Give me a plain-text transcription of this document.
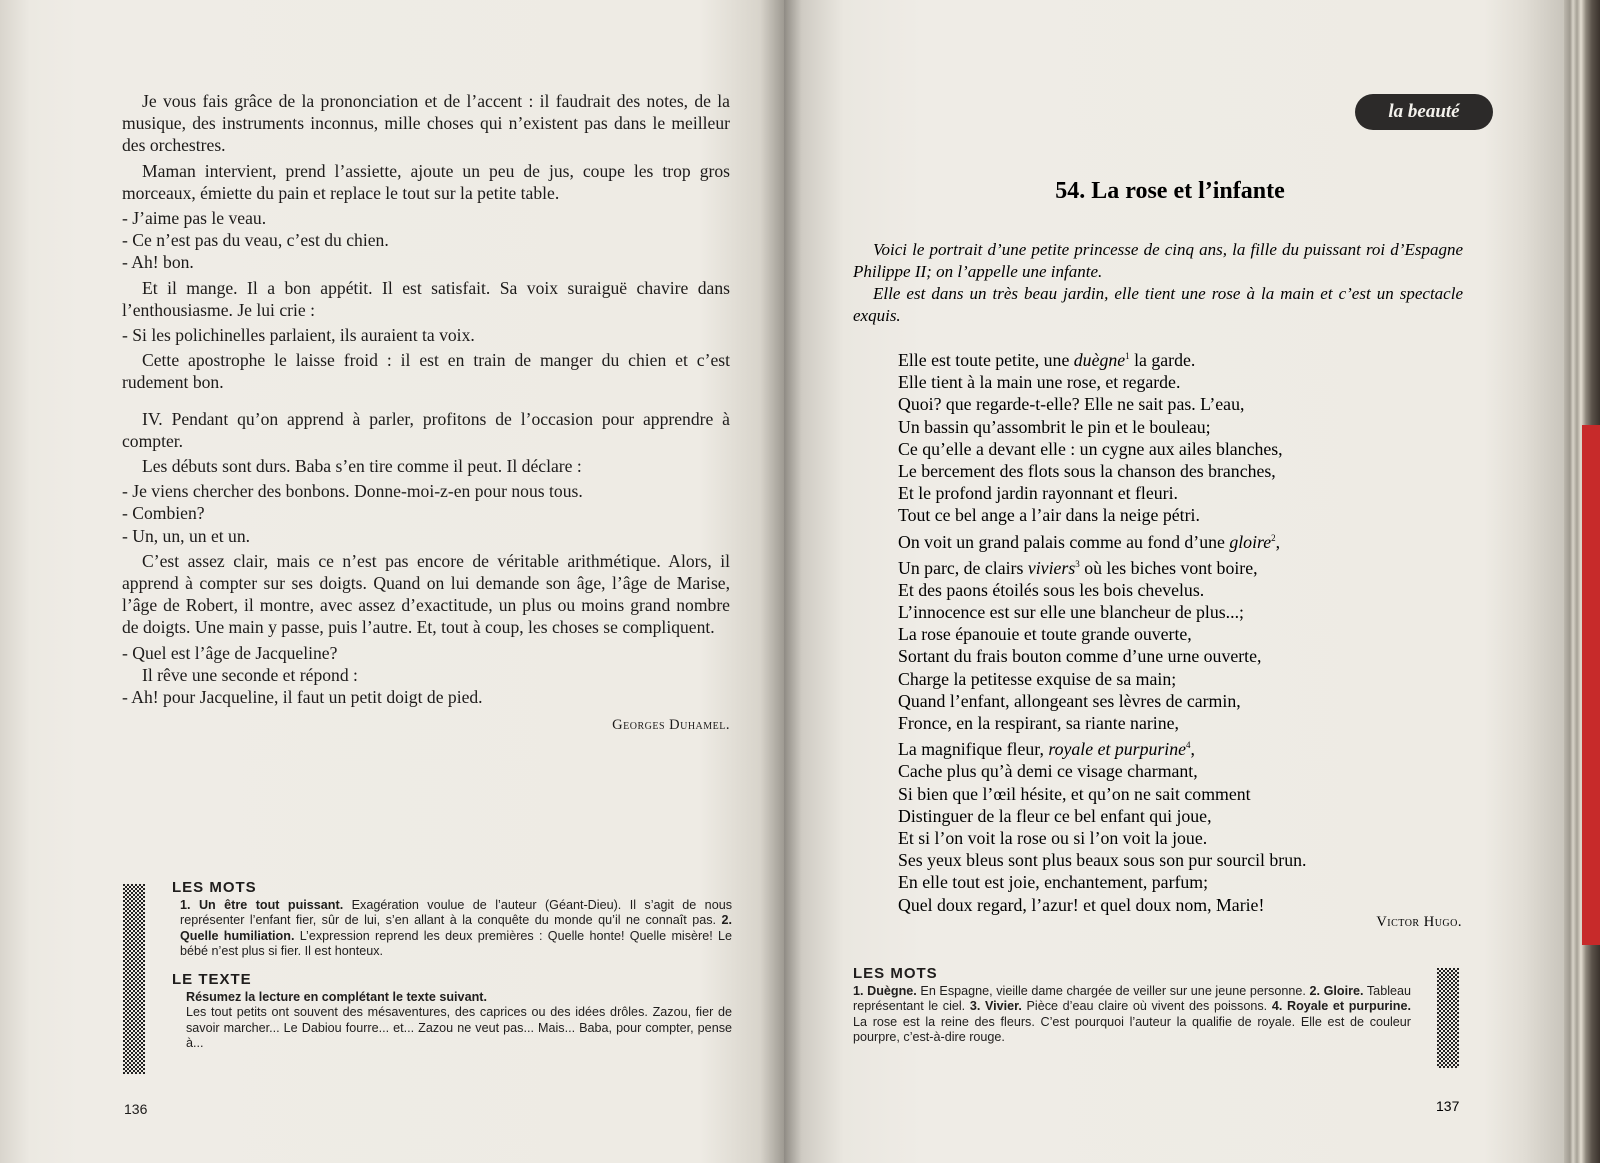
Je vous fais grâce de la prononciation et de l’accent : il faudrait des notes, de la musique, des instruments inconnus, mille choses qui n’existent pas dans le meilleur des orchestres.

Maman intervient, prend l’assiette, ajoute un peu de jus, coupe les trop gros morceaux, émiette du pain et replace le tout sur la petite table.

- J’aime pas le veau.

- Ce n’est pas du veau, c’est du chien.

- Ah! bon.

Et il mange. Il a bon appétit. Il est satisfait. Sa voix suraiguë chavire dans l’enthousiasme. Je lui crie :

- Si les polichinelles parlaient, ils auraient ta voix.

Cette apostrophe le laisse froid : il est en train de manger du chien et c’est rudement bon.

IV. Pendant qu’on apprend à parler, profitons de l’occasion pour apprendre à compter.

Les débuts sont durs. Baba s’en tire comme il peut. Il déclare :

- Je viens chercher des bonbons. Donne-moi-z-en pour nous tous.

- Combien?

- Un, un, un et un.

C’est assez clair, mais ce n’est pas encore de véritable arithmétique. Alors, il apprend à compter sur ses doigts. Quand on lui demande son âge, l’âge de Marise, l’âge de Robert, il montre, avec assez d’exactitude, un plus ou moins grand nombre de doigts. Une main y passe, puis l’autre. Et, tout à coup, les choses se compliquent.

- Quel est l’âge de Jacqueline?

Il rêve une seconde et répond :

- Ah! pour Jacqueline, il faut un petit doigt de pied.

Georges Duhamel.
LES MOTS
1. Un être tout puissant. Exagération voulue de l’auteur (Géant-Dieu). Il s’agit de nous représenter l’enfant fier, sûr de lui, s’en allant à la conquête du monde qu’il ne connaît pas. 2. Quelle humiliation. L’expression reprend les deux premières : Quelle honte! Quelle misère! Le bébé n’est plus si fier. Il est honteux.
LE TEXTE
Résumez la lecture en complétant le texte suivant.
Les tout petits ont souvent des mésaventures, des caprices ou des idées drôles. Zazou, fier de savoir marcher... Le Dabiou fourre... et... Zazou ne veut pas... Mais... Baba, pour compter, pense à...
136
la beauté
54. La rose et l’infante

Voici le portrait d’une petite princesse de cinq ans, la fille du puissant roi d’Espagne Philippe II; on l’appelle une infante.

Elle est dans un très beau jardin, elle tient une rose à la main et c’est un spectacle exquis.

Elle est toute petite, une duègne$^1$ la garde.
Elle tient à la main une rose, et regarde.
Quoi? que regarde-t-elle? Elle ne sait pas. L’eau,
Un bassin qu’assombrit le pin et le bouleau;
Ce qu’elle a devant elle : un cygne aux ailes blanches,
Le bercement des flots sous la chanson des branches,
Et le profond jardin rayonnant et fleuri.
Tout ce bel ange a l’air dans la neige pétri.
On voit un grand palais comme au fond d’une gloire$^2$,
Un parc, de clairs viviers$^3$ où les biches vont boire,
Et des paons étoilés sous les bois chevelus.
L’innocence est sur elle une blancheur de plus...;
La rose épanouie et toute grande ouverte,
Sortant du frais bouton comme d’une urne ouverte,
Charge la petitesse exquise de sa main;
Quand l’enfant, allongeant ses lèvres de carmin,
Fronce, en la respirant, sa riante narine,
La magnifique fleur, royale et purpurine$^4$,
Cache plus qu’à demi ce visage charmant,
Si bien que l’œil hésite, et qu’on ne sait comment
Distinguer de la fleur ce bel enfant qui joue,
Et si l’on voit la rose ou si l’on voit la joue.
Ses yeux bleus sont plus beaux sous son pur sourcil brun.
En elle tout est joie, enchantement, parfum;
Quel doux regard, l’azur! et quel doux nom, Marie!
Victor Hugo.
LES MOTS
1. Duègne. En Espagne, vieille dame chargée de veiller sur une jeune personne. 2. Gloire. Tableau représentant le ciel. 3. Vivier. Pièce d’eau claire où vivent des poissons. 4. Royale et purpurine. La rose est la reine des fleurs. C’est pourquoi l’auteur la qualifie de royale. Elle est de couleur pourpre, c’est-à-dire rouge.
137
